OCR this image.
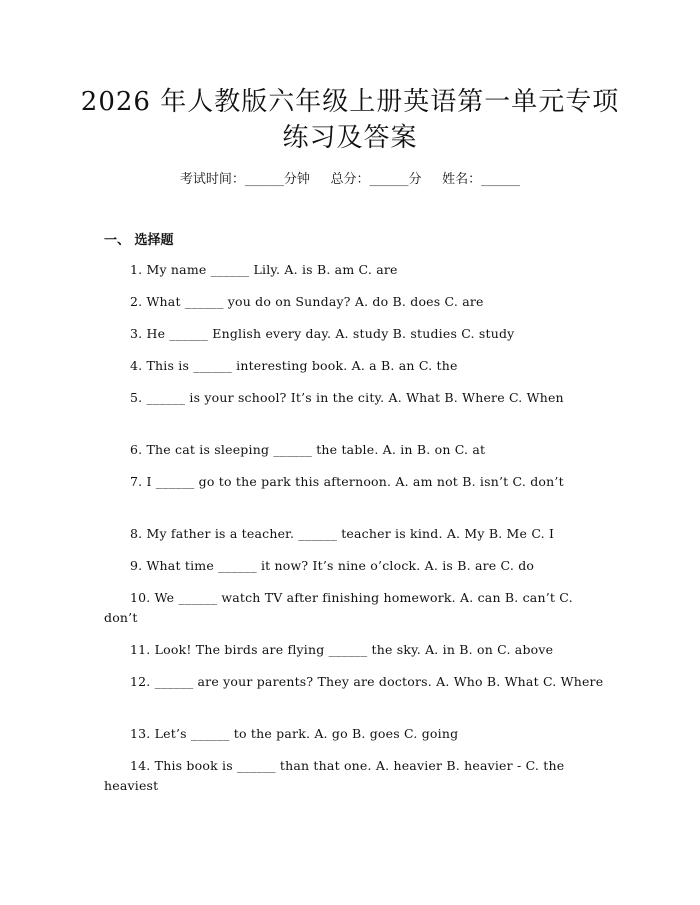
2026 年人教版六年级上册英语第一单元专项
练习及答案
考试时间：______分钟     总分：______分     姓名：______
一、 选择题
1. My name ______ Lily. A. is B. am C. are
2. What ______ you do on Sunday? A. do B. does C. are
3. He ______ English every day. A. study B. studies C. study
4. This is ______ interesting book. A. a B. an C. the
5. ______ is your school? It’s in the city. A. What B. Where C. When
6. The cat is sleeping ______ the table. A. in B. on C. at
7. I ______ go to the park this afternoon. A. am not B. isn’t C. don’t
8. My father is a teacher. ______ teacher is kind. A. My B. Me C. I
9. What time ______ it now? It’s nine o’clock. A. is B. are C. do
10. We ______ watch TV after finishing homework. A. can B. can’t C. don’t
11. Look! The birds are flying ______ the sky. A. in B. on C. above
12. ______ are your parents? They are doctors. A. Who B. What C. Where
13. Let’s ______ to the park. A. go B. goes C. going
14. This book is ______ than that one. A. heavier B. heavier - C. the heaviest
